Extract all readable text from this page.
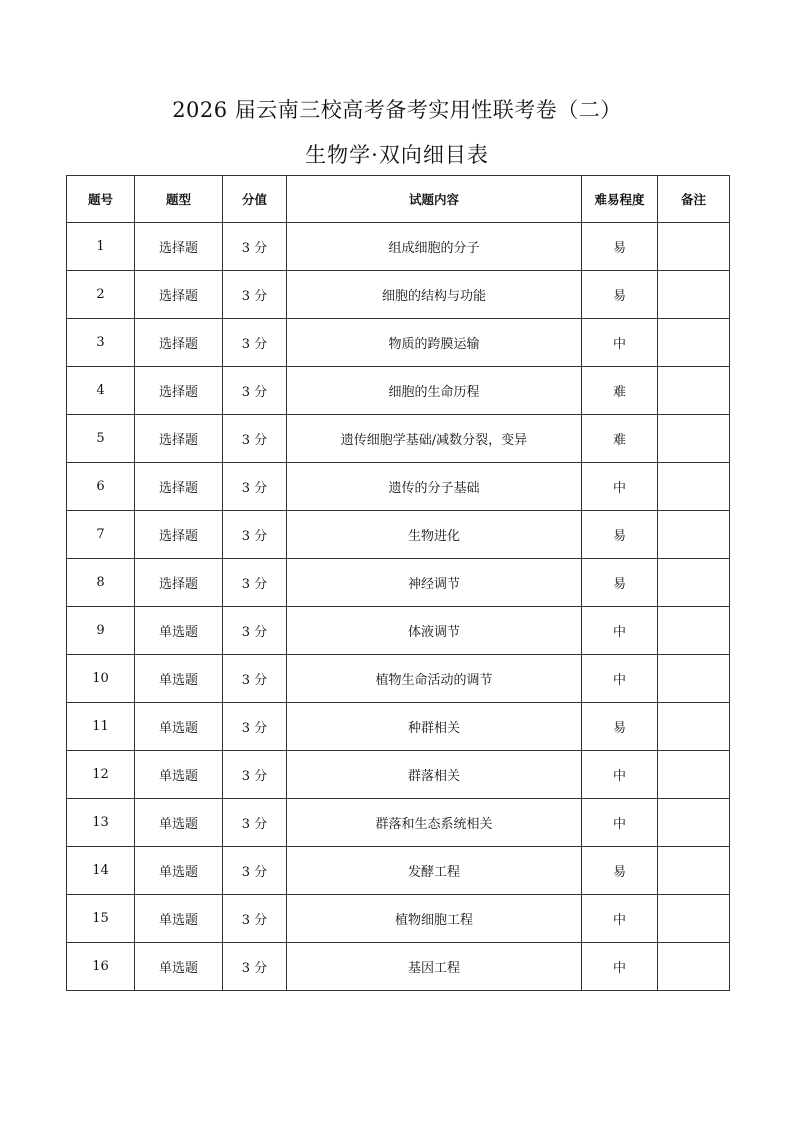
2026 届云南三校高考备考实用性联考卷（二）
生物学·双向细目表
题号	题型	分值	试题内容	难易程度	备注
1	选择题	3 分	组成细胞的分子	易	
2	选择题	3 分	细胞的结构与功能	易	
3	选择题	3 分	物质的跨膜运输	中	
4	选择题	3 分	细胞的生命历程	难	
5	选择题	3 分	遗传细胞学基础/减数分裂，变异	难	
6	选择题	3 分	遗传的分子基础	中	
7	选择题	3 分	生物进化	易	
8	选择题	3 分	神经调节	易	
9	单选题	3 分	体液调节	中	
10	单选题	3 分	植物生命活动的调节	中	
11	单选题	3 分	种群相关	易	
12	单选题	3 分	群落相关	中	
13	单选题	3 分	群落和生态系统相关	中	
14	单选题	3 分	发酵工程	易	
15	单选题	3 分	植物细胞工程	中	
16	单选题	3 分	基因工程	中	
